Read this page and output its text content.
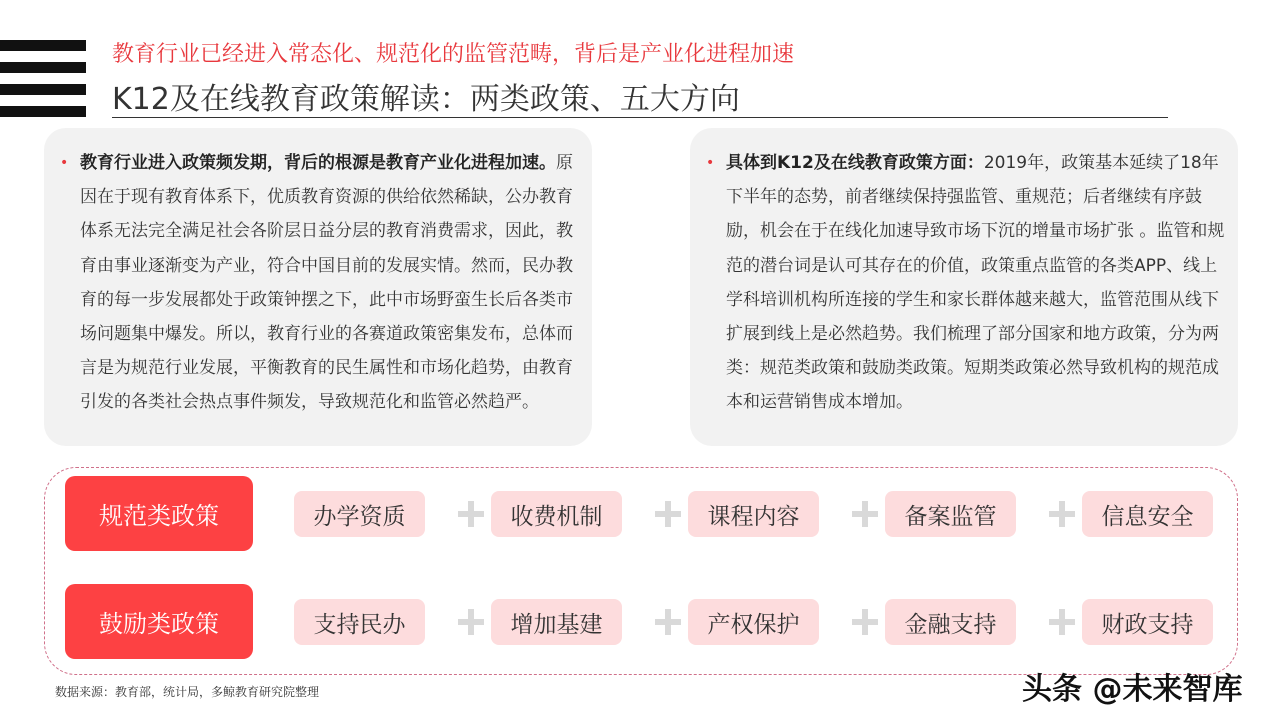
教育行业已经进入常态化、规范化的监管范畴，背后是产业化进程加速
K12及在线教育政策解读：两类政策、五大方向
• 教育行业进入政策频发期，背后的根源是教育产业化进程加速。原因在于现有教育体系下，优质教育资源的供给依然稀缺，公办教育体系无法完全满足社会各阶层日益分层的教育消费需求，因此，教育由事业逐渐变为产业，符合中国目前的发展实情。然而，民办教育的每一步发展都处于政策钟摆之下，此中市场野蛮生长后各类市场问题集中爆发。所以，教育行业的各赛道政策密集发布，总体而言是为规范行业发展，平衡教育的民生属性和市场化趋势，由教育引发的各类社会热点事件频发，导致规范化和监管必然趋严。
• 具体到K12及在线教育政策方面：2019年，政策基本延续了18年下半年的态势，前者继续保持强监管、重规范；后者继续有序鼓励，机会在于在线化加速导致市场下沉的增量市场扩张 。监管和规范的潜台词是认可其存在的价值，政策重点监管的各类APP、线上学科培训机构所连接的学生和家长群体越来越大，监管范围从线下扩展到线上是必然趋势。我们梳理了部分国家和地方政策，分为两类：规范类政策和鼓励类政策。短期类政策必然导致机构的规范成本和运营销售成本增加。
规范类政策	办学资质	收费机制	课程内容	备案监管	信息安全
鼓励类政策	支持民办	增加基建	产权保护	金融支持	财政支持
数据来源：教育部，统计局，多鲸教育研究院整理	头条 @未来智库
